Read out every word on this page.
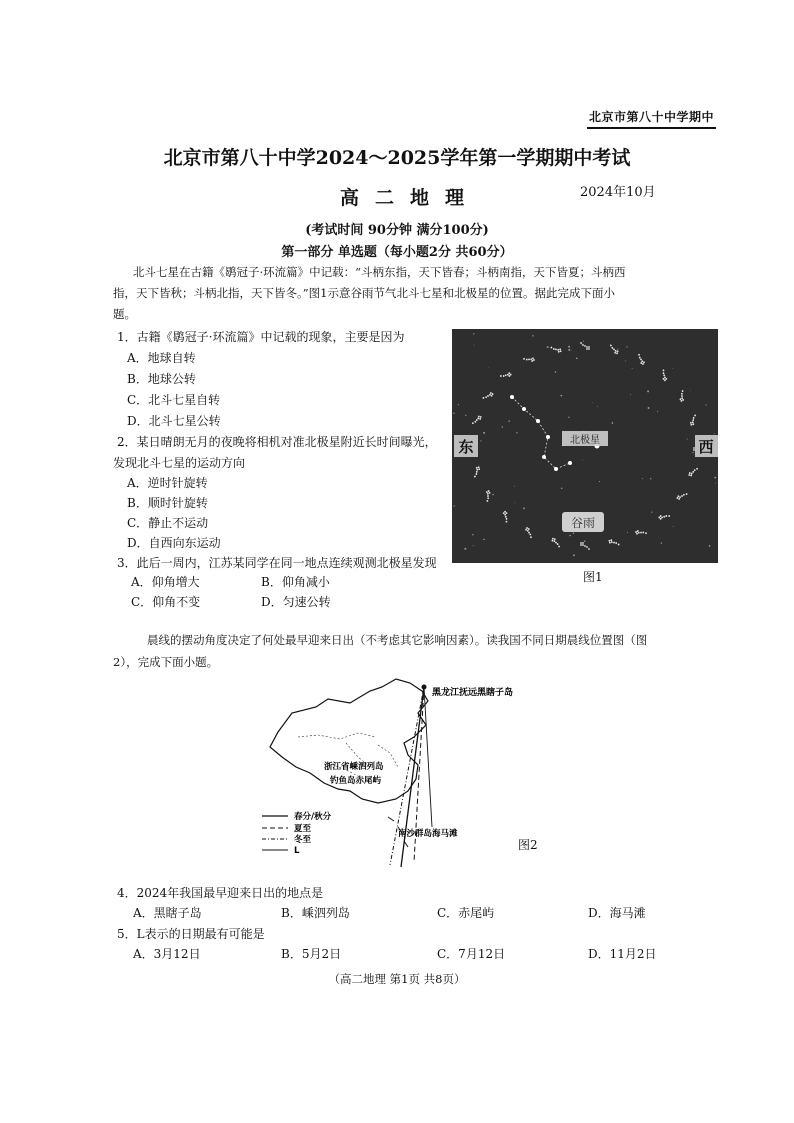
北京市第八十中学期中
北京市第八十中学2024～2025学年第一学期期中考试
高二地理	2024年10月
(考试时间 90分钟 满分100分)
第一部分 单选题（每小题2分 共60分）
北斗七星在古籍《鹖冠子·环流篇》中记载：“斗柄东指，天下皆春；斗柄南指，天下皆夏；斗柄西
指，天下皆秋；斗柄北指，天下皆冬。”图1示意谷雨节气北斗七星和北极星的位置。据此完成下面小
题。
1．古籍《鹖冠子·环流篇》中记载的现象，主要是因为
A．地球自转
B．地球公转
C．北斗七星自转
D．北斗七星公转
2．某日晴朗无月的夜晚将相机对准北极星附近长时间曝光，
发现北斗七星的运动方向
A．逆时针旋转
B．顺时针旋转
C．静止不运动
D．自西向东运动
3．此后一周内，江苏某同学在同一地点连续观测北极星发现
A．仰角增大	B．仰角减小
C．仰角不变	D．匀速公转
北极星
东	西
谷雨
图1
晨线的摆动角度决定了何处最早迎来日出（不考虑其它影响因素）。读我国不同日期晨线位置图（图
2），完成下面小题。
黑龙江抚远黑瞎子岛
浙江省嵊泗列岛
钓鱼岛赤尾屿
南沙群岛海马滩
春分/秋分
夏至
冬至
L	图2
4．2024年我国最早迎来日出的地点是
A．黑瞎子岛	B．嵊泗列岛	C．赤尾屿	D．海马滩
5．L表示的日期最有可能是
A．3月12日	B．5月2日	C．7月12日	D．11月2日
（高二地理 第1页 共8页）
